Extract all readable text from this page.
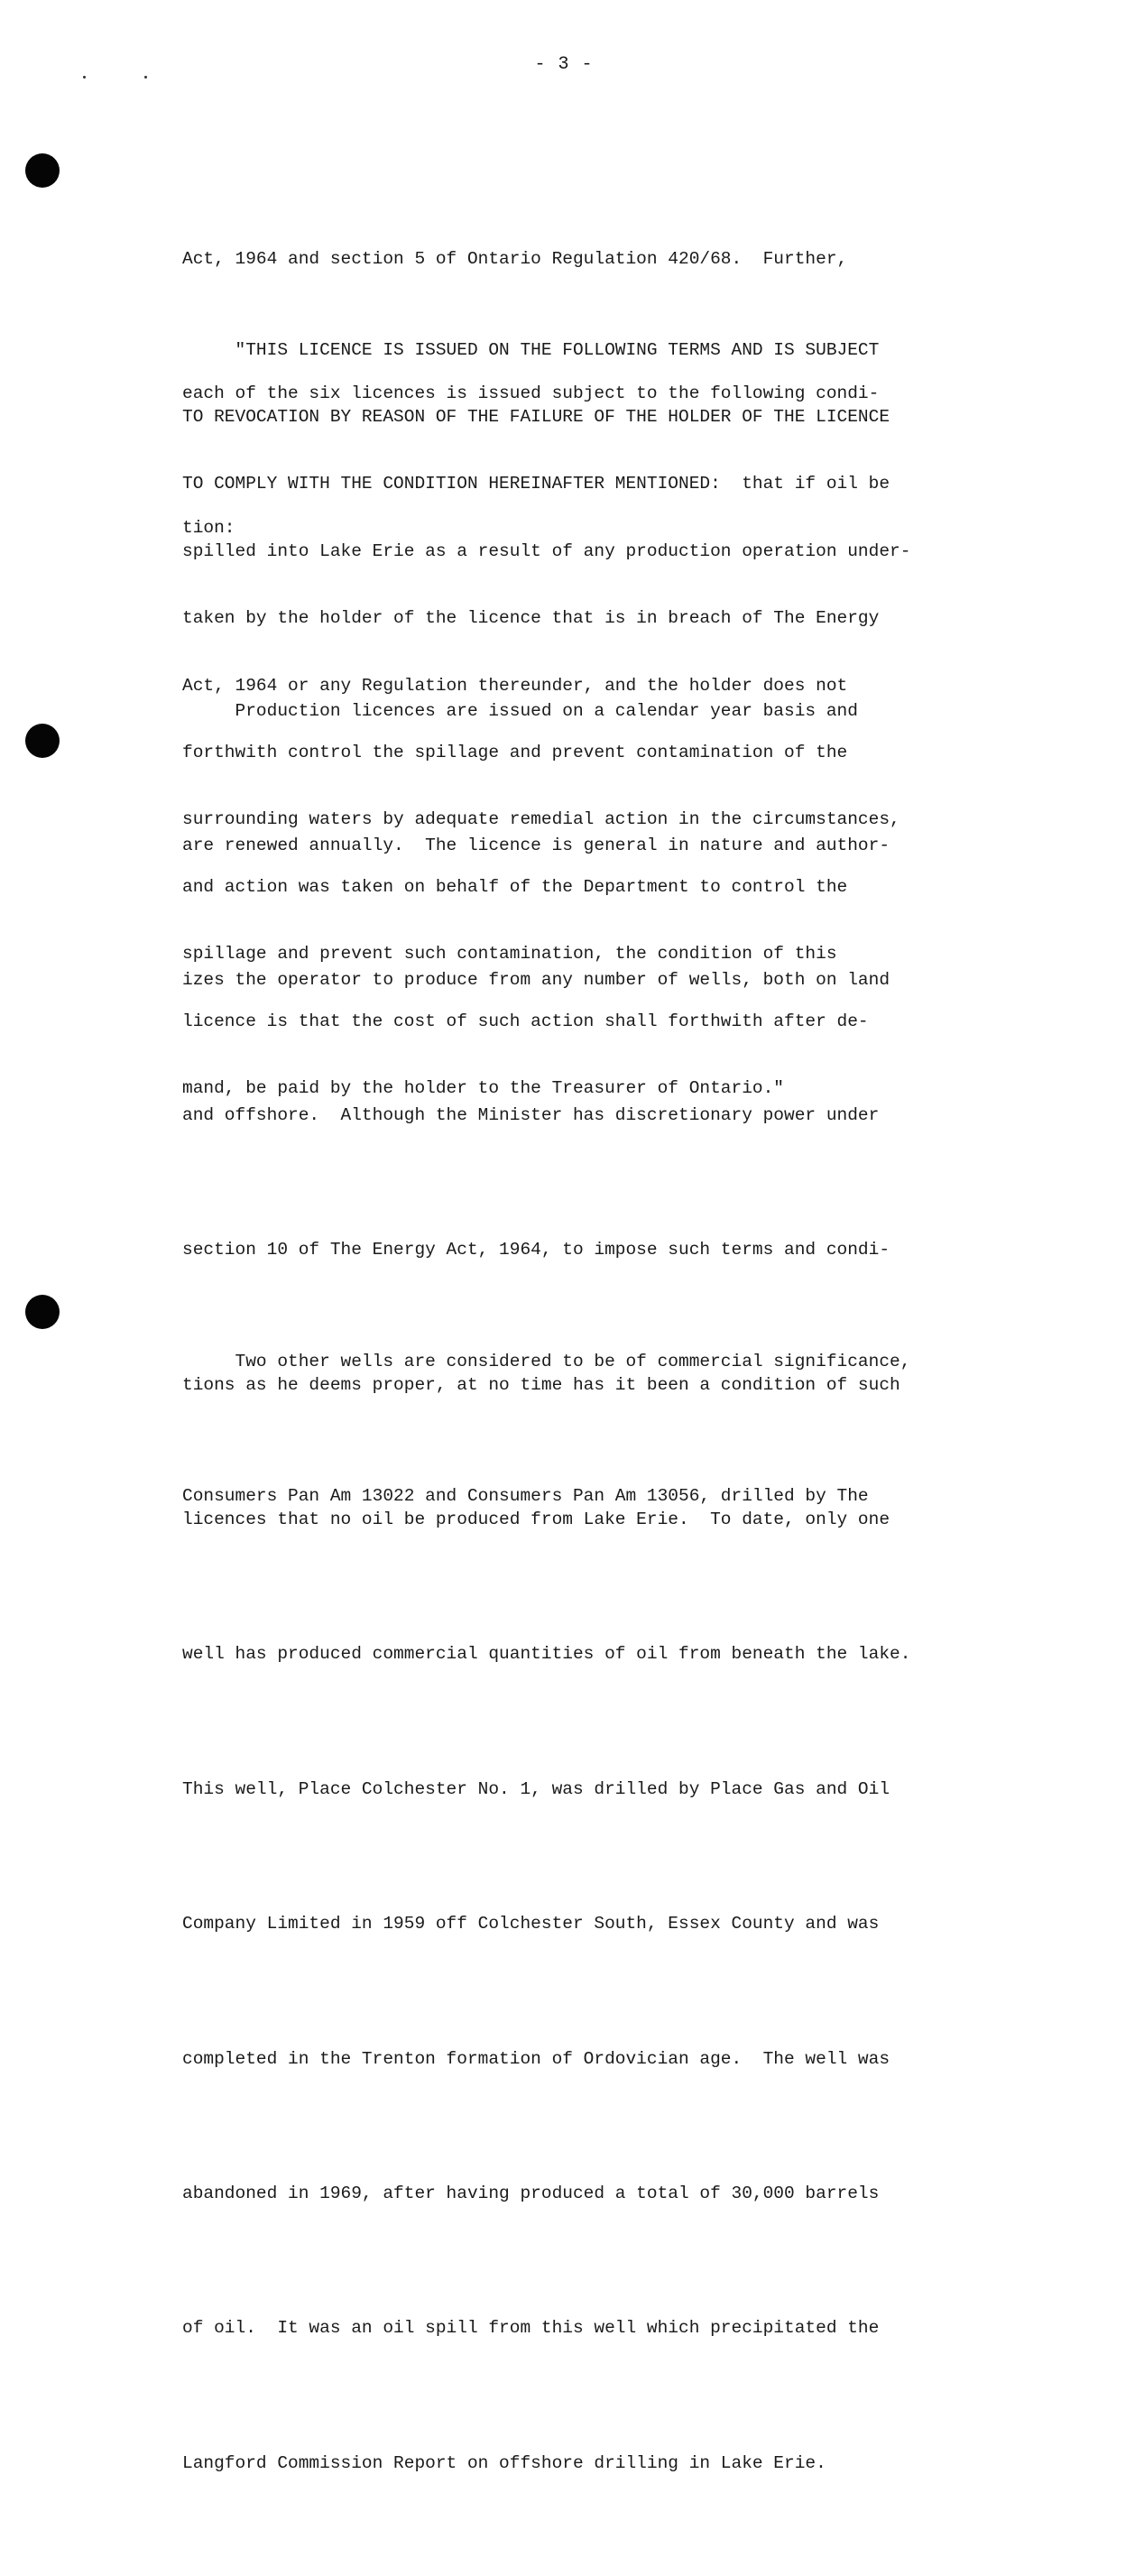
- 3 -

Act, 1964 and section 5 of Ontario Regulation 420/68.  Further,

each of the six licences is issued subject to the following condi-

tion:

"THIS LICENCE IS ISSUED ON THE FOLLOWING TERMS AND IS SUBJECT

TO REVOCATION BY REASON OF THE FAILURE OF THE HOLDER OF THE LICENCE

TO COMPLY WITH THE CONDITION HEREINAFTER MENTIONED:  that if oil be

spilled into Lake Erie as a result of any production operation under-

taken by the holder of the licence that is in breach of The Energy

Act, 1964 or any Regulation thereunder, and the holder does not

forthwith control the spillage and prevent contamination of the

surrounding waters by adequate remedial action in the circumstances,

and action was taken on behalf of the Department to control the

spillage and prevent such contamination, the condition of this

licence is that the cost of such action shall forthwith after de-

mand, be paid by the holder to the Treasurer of Ontario."

Production licences are issued on a calendar year basis and

are renewed annually.  The licence is general in nature and author-

izes the operator to produce from any number of wells, both on land

and offshore.  Although the Minister has discretionary power under

section 10 of The Energy Act, 1964, to impose such terms and condi-

tions as he deems proper, at no time has it been a condition of such

licences that no oil be produced from Lake Erie.  To date, only one

well has produced commercial quantities of oil from beneath the lake.

This well, Place Colchester No. 1, was drilled by Place Gas and Oil

Company Limited in 1959 off Colchester South, Essex County and was

completed in the Trenton formation of Ordovician age.  The well was

abandoned in 1969, after having produced a total of 30,000 barrels

of oil.  It was an oil spill from this well which precipitated the

Langford Commission Report on offshore drilling in Lake Erie.

Two other wells are considered to be of commercial significance,

Consumers Pan Am 13022 and Consumers Pan Am 13056, drilled by The
